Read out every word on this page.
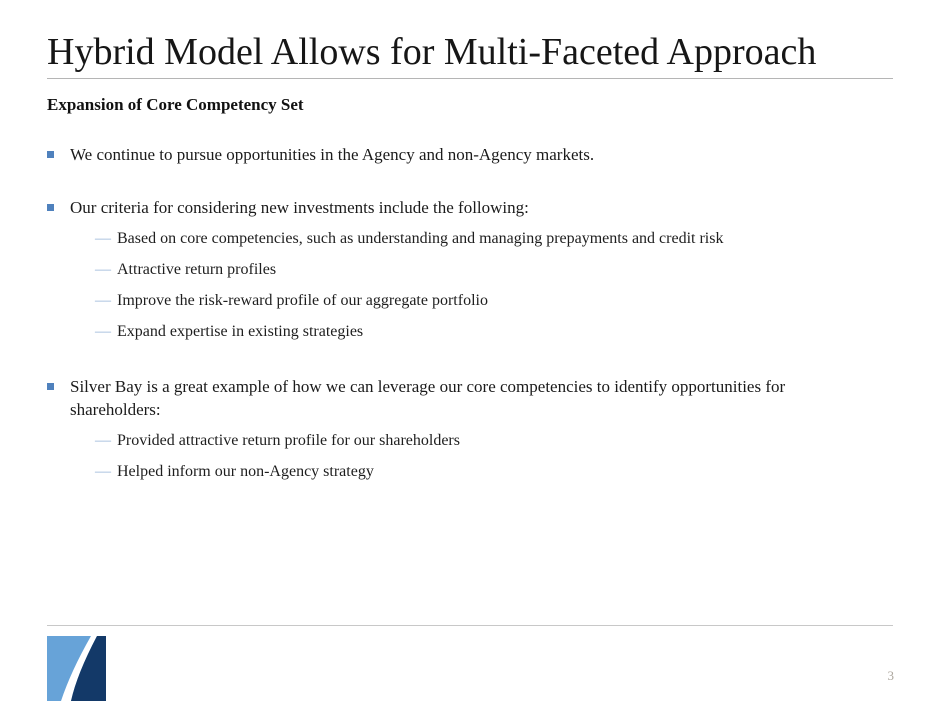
Hybrid Model Allows for Multi-Faceted Approach
Expansion of Core Competency Set
We continue to pursue opportunities in the Agency and non-Agency markets.
Our criteria for considering new investments include the following:
— Based on core competencies, such as understanding and managing prepayments and credit risk
— Attractive return profiles
— Improve the risk-reward profile of our aggregate portfolio
— Expand expertise in existing strategies
Silver Bay is a great example of how we can leverage our core competencies to identify opportunities for shareholders:
— Provided attractive return profile for our shareholders
— Helped inform our non-Agency strategy
3
